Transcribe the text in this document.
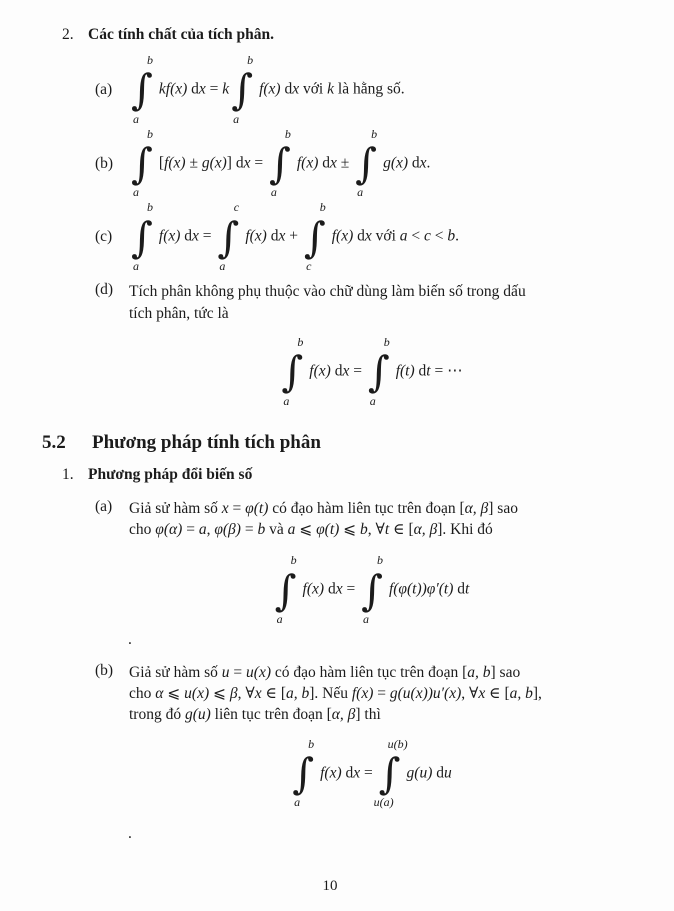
2. Các tính chất của tích phân.
(a)
b
∫
a
kf(x) dx = k
b
∫
a
f(x) dx với k là hằng số.
(b)
b
∫
a
[f(x) ± g(x)] dx =
b
∫
a
f(x) dx ±
b
∫
a
g(x) dx.
(c)
b
∫
a
f(x) dx =
c
∫
a
f(x) dx +
b
∫
c
f(x) dx với a < c < b.
(d)	Tích phân không phụ thuộc vào chữ dùng làm biến số trong dấu
tích phân, tức là
b
∫
a
f(x) dx =
b
∫
a
f(t) dt = ⋯
5.2	Phương pháp tính tích phân
1. Phương pháp đổi biến số
(a)	Giả sử hàm số x = φ(t) có đạo hàm liên tục trên đoạn [α, β] sao
cho φ(α) = a, φ(β) = b và a ⩽ φ(t) ⩽ b, ∀t ∈ [α, β]. Khi đó
b
∫
a
f(x) dx =
b
∫
a
f(φ(t))φ′(t) dt
.
(b)	Giả sử hàm số u = u(x) có đạo hàm liên tục trên đoạn [a, b] sao
cho α ⩽ u(x) ⩽ β, ∀x ∈ [a, b]. Nếu f(x) = g(u(x))u′(x), ∀x ∈ [a, b],
trong đó g(u) liên tục trên đoạn [α, β] thì
b
∫
a
f(x) dx =
u(b)
∫
u(a)
g(u) du
.
10
